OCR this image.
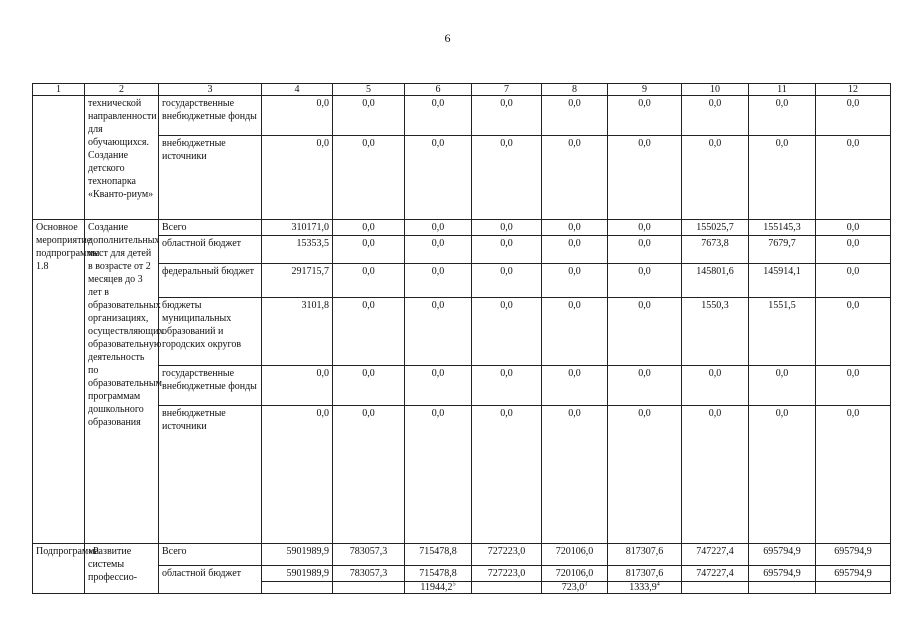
6
1	2	3	4	5	6	7	8	9	10	11	12
	технической направленности для обучающихся. Создание детского технопарка «Кванто-риум»	государственные внебюджетные фонды	0,0	0,0	0,0	0,0	0,0	0,0	0,0	0,0	0,0
		внебюджетные источники	0,0	0,0	0,0	0,0	0,0	0,0	0,0	0,0	0,0
Основное мероприятие подпрограммы 1.8	Создание дополнительных мест для детей в возрасте от 2 месяцев до 3 лет в образовательных организациях, осуществляющих образовательную деятельность по образовательным программам дошкольного образования	Всего	310171,0	0,0	0,0	0,0	0,0	0,0	155025,7	155145,3	0,0
		областной бюджет	15353,5	0,0	0,0	0,0	0,0	0,0	7673,8	7679,7	0,0
		федеральный бюджет	291715,7	0,0	0,0	0,0	0,0	0,0	145801,6	145914,1	0,0
		бюджеты муниципальных образований и городских округов	3101,8	0,0	0,0	0,0	0,0	0,0	1550,3	1551,5	0,0
		государственные внебюджетные фонды	0,0	0,0	0,0	0,0	0,0	0,0	0,0	0,0	0,0
		внебюджетные источники	0,0	0,0	0,0	0,0	0,0	0,0	0,0	0,0	0,0
Подпрограмма	«Развитие системы профессио-	Всего	5901989,9	783057,3	715478,8	727223,0	720106,0	817307,6	747227,4	695794,9	695794,9
		областной бюджет	5901989,9	783057,3	715478,8	727223,0	720106,0	817307,6	747227,4	695794,9	695794,9
					11944,2$^5$		723,0$^3$	1333,9$^4$			
